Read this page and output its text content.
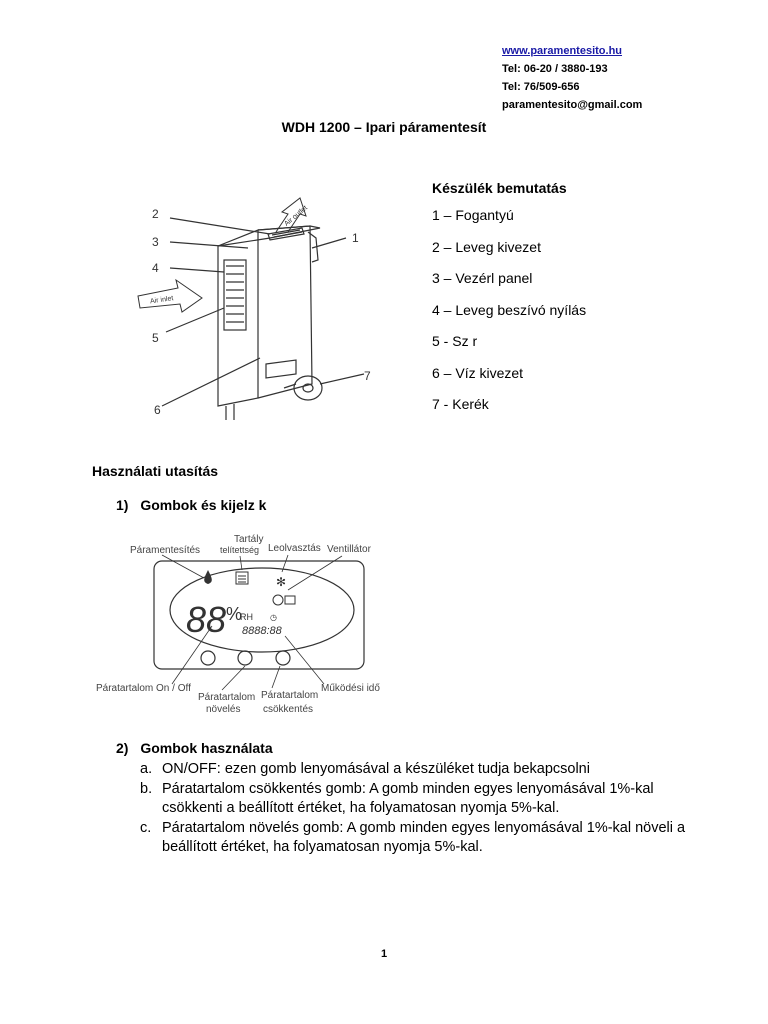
www.paramentesito.hu
Tel: 06-20 / 3880-193
Tel: 76/509-656
paramentesito@gmail.com
WDH 1200 – Ipari páramentesít
2
3
4
5
6
1
7
Air outlet
Air inlet
Készülék bemutatás
1 – Fogantyú
2 – Leveg kivezet
3 – Vezérl panel
4 – Leveg beszívó nyílás
5 - Sz r
6 – Víz kivezet
7 - Kerék
Használati utasítás
1) Gombok és kijelz k
Páramentesítés
Tartály
telítettség Leolvasztás Ventillátor
Páratartalom On / Off
Páratartalom
növelés
Páratartalom
csökkentés
Működési idő
✻
88 %
RH ◷
8888:88
2) Gombok használata
a. ON/OFF: ezen gomb lenyomásával a készüléket tudja bekapcsolni
b. Páratartalom csökkentés gomb: A gomb minden egyes lenyomásával 1%-kal csökkenti a beállított értéket, ha folyamatosan nyomja 5%-kal.
c. Páratartalom növelés gomb: A gomb minden egyes lenyomásával 1%-kal növeli a beállított értéket, ha folyamatosan nyomja 5%-kal.
1
